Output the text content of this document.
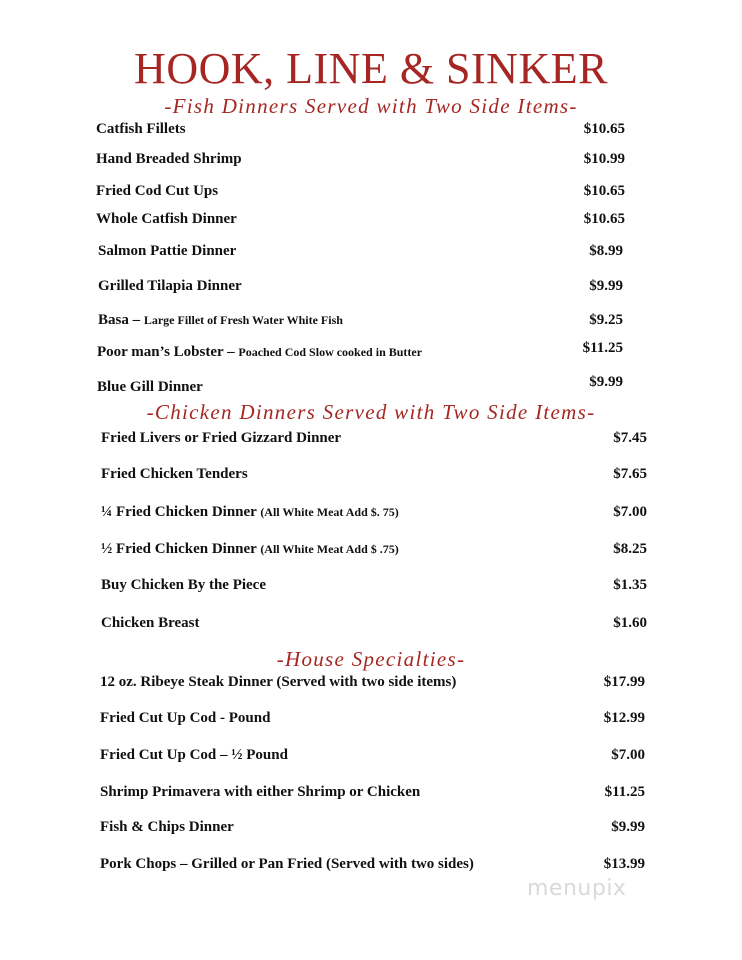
HOOK, LINE & SINKER
-Fish Dinners Served with Two Side Items-
Catfish Fillets	$10.65
Hand Breaded Shrimp	$10.99
Fried Cod Cut Ups	$10.65
Whole Catfish Dinner	$10.65
Salmon Pattie Dinner	$8.99
Grilled Tilapia Dinner	$9.99
Basa – Large Fillet of Fresh Water White Fish	$9.25
Poor man’s Lobster – Poached Cod Slow cooked in Butter	$11.25
Blue Gill Dinner	$9.99
-Chicken Dinners Served with Two Side Items-
Fried Livers or Fried Gizzard Dinner	$7.45
Fried Chicken Tenders	$7.65
¼ Fried Chicken Dinner (All White Meat Add $. 75)	$7.00
½ Fried Chicken Dinner (All White Meat Add $ .75)	$8.25
Buy Chicken By the Piece	$1.35
Chicken Breast	$1.60
-House Specialties-
12 oz. Ribeye Steak Dinner (Served with two side items)	$17.99
Fried Cut Up Cod - Pound	$12.99
Fried Cut Up Cod – ½ Pound	$7.00
Shrimp Primavera with either Shrimp or Chicken	$11.25
Fish & Chips Dinner	$9.99
Pork Chops – Grilled or Pan Fried (Served with two sides)	$13.99
menupix
